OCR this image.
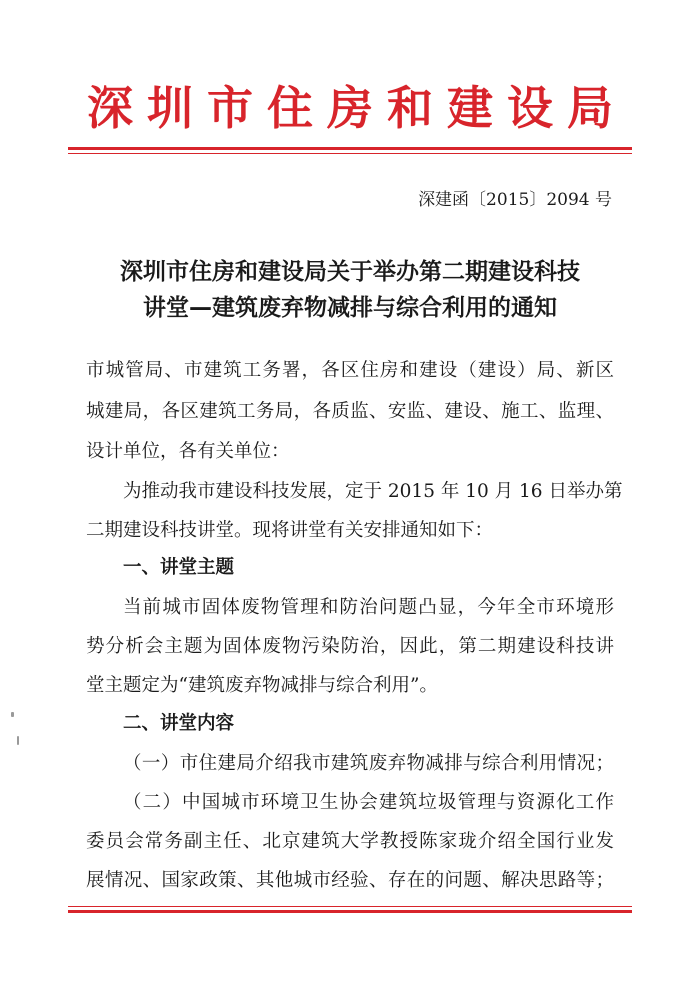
深圳市住房和建设局
深建函〔2015〕2094 号
深圳市住房和建设局关于举办第二期建设科技
讲堂—建筑废弃物减排与综合利用的通知
市城管局、市建筑工务署，各区住房和建设（建设）局、新区
城建局，各区建筑工务局，各质监、安监、建设、施工、监理、
设计单位，各有关单位：
为推动我市建设科技发展，定于 2015 年 10 月 16 日举办第
二期建设科技讲堂。现将讲堂有关安排通知如下：
一、讲堂主题
当前城市固体废物管理和防治问题凸显，今年全市环境形
势分析会主题为固体废物污染防治，因此，第二期建设科技讲
堂主题定为“建筑废弃物减排与综合利用”。
二、讲堂内容
（一）市住建局介绍我市建筑废弃物减排与综合利用情况；
（二）中国城市环境卫生协会建筑垃圾管理与资源化工作
委员会常务副主任、北京建筑大学教授陈家珑介绍全国行业发
展情况、国家政策、其他城市经验、存在的问题、解决思路等；
